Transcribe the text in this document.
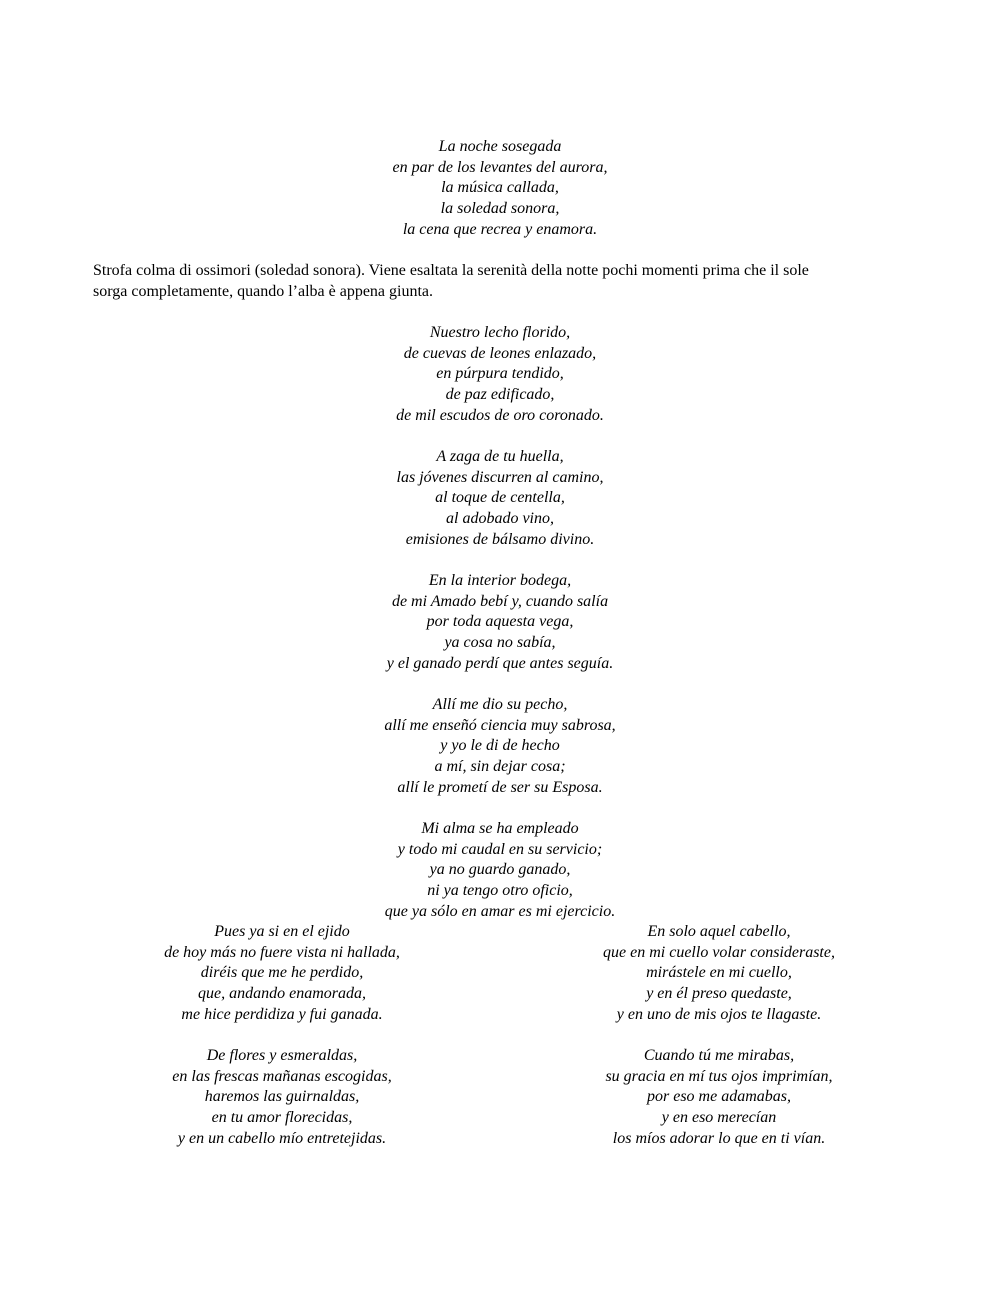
La noche sosegada

en par de los levantes del aurora,

la música callada,

la soledad sonora,

la cena que recrea y enamora.

Strofa colma di ossimori (soledad sonora). Viene esaltata la serenità della notte pochi momenti prima che il sole

sorga completamente, quando l’alba è appena giunta.

Nuestro lecho florido,

de cuevas de leones enlazado,

en púrpura tendido,

de paz edificado,

de mil escudos de oro coronado.

A zaga de tu huella,

las jóvenes discurren al camino,

al toque de centella,

al adobado vino,

emisiones de bálsamo divino.

En la interior bodega,

de mi Amado bebí y, cuando salía

por toda aquesta vega,

ya cosa no sabía,

y el ganado perdí que antes seguía.

Allí me dio su pecho,

allí me enseñó ciencia muy sabrosa,

y yo le di de hecho

a mí, sin dejar cosa;

allí le prometí de ser su Esposa.

Mi alma se ha empleado

y todo mi caudal en su servicio;

ya no guardo ganado,

ni ya tengo otro oficio,

que ya sólo en amar es mi ejercicio.

Pues ya si en el ejido

de hoy más no fuere vista ni hallada,

diréis que me he perdido,

que, andando enamorada,

me hice perdidiza y fui ganada.

En solo aquel cabello,

que en mi cuello volar consideraste,

mirástele en mi cuello,

y en él preso quedaste,

y en uno de mis ojos te llagaste.

De flores y esmeraldas,

en las frescas mañanas escogidas,

haremos las guirnaldas,

en tu amor florecidas,

y en un cabello mío entretejidas.

Cuando tú me mirabas,

su gracia en mí tus ojos imprimían,

por eso me adamabas,

y en eso merecían

los míos adorar lo que en ti vían.
